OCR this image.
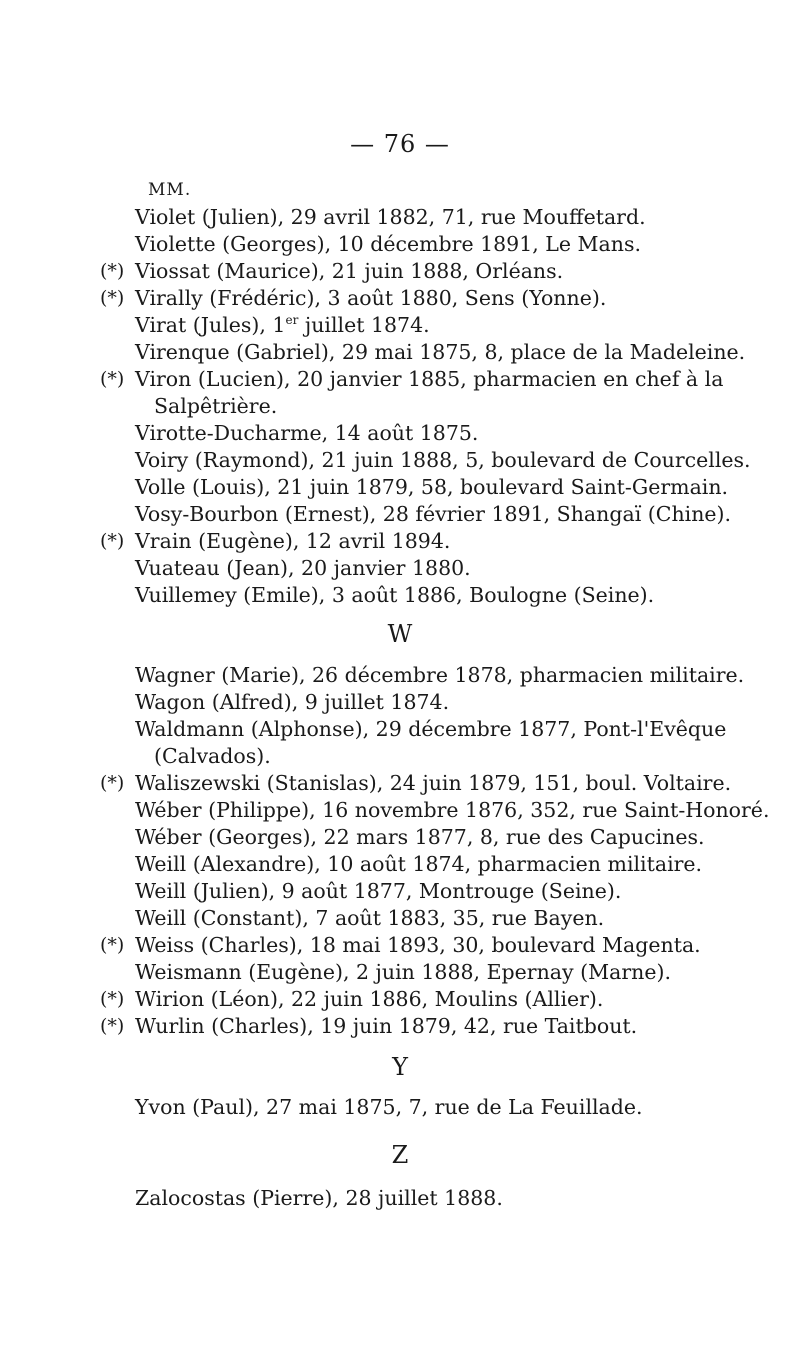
— 76 —
MM.
Violet (Julien), 29 avril 1882, 71, rue Mouffetard.
Violette (Georges), 10 décembre 1891, Le Mans.
(*) Viossat (Maurice), 21 juin 1888, Orléans.
(*) Virally (Frédéric), 3 août 1880, Sens (Yonne).
Virat (Jules), 1er juillet 1874.
Virenque (Gabriel), 29 mai 1875, 8, place de la Madeleine.
(*) Viron (Lucien), 20 janvier 1885, pharmacien en chef à la
Salpêtrière.
Virotte-Ducharme, 14 août 1875.
Voiry (Raymond), 21 juin 1888, 5, boulevard de Courcelles.
Volle (Louis), 21 juin 1879, 58, boulevard Saint-Germain.
Vosy-Bourbon (Ernest), 28 février 1891, Shangaï (Chine).
(*) Vrain (Eugène), 12 avril 1894.
Vuateau (Jean), 20 janvier 1880.
Vuillemey (Emile), 3 août 1886, Boulogne (Seine).
W
Wagner (Marie), 26 décembre 1878, pharmacien militaire.
Wagon (Alfred), 9 juillet 1874.
Waldmann (Alphonse), 29 décembre 1877, Pont-l'Evêque
(Calvados).
(*) Waliszewski (Stanislas), 24 juin 1879, 151, boul. Voltaire.
Wéber (Philippe), 16 novembre 1876, 352, rue Saint-Honoré.
Wéber (Georges), 22 mars 1877, 8, rue des Capucines.
Weill (Alexandre), 10 août 1874, pharmacien militaire.
Weill (Julien), 9 août 1877, Montrouge (Seine).
Weill (Constant), 7 août 1883, 35, rue Bayen.
(*) Weiss (Charles), 18 mai 1893, 30, boulevard Magenta.
Weismann (Eugène), 2 juin 1888, Epernay (Marne).
(*) Wirion (Léon), 22 juin 1886, Moulins (Allier).
(*) Wurlin (Charles), 19 juin 1879, 42, rue Taitbout.
Y
Yvon (Paul), 27 mai 1875, 7, rue de La Feuillade.
Z
Zalocostas (Pierre), 28 juillet 1888.
